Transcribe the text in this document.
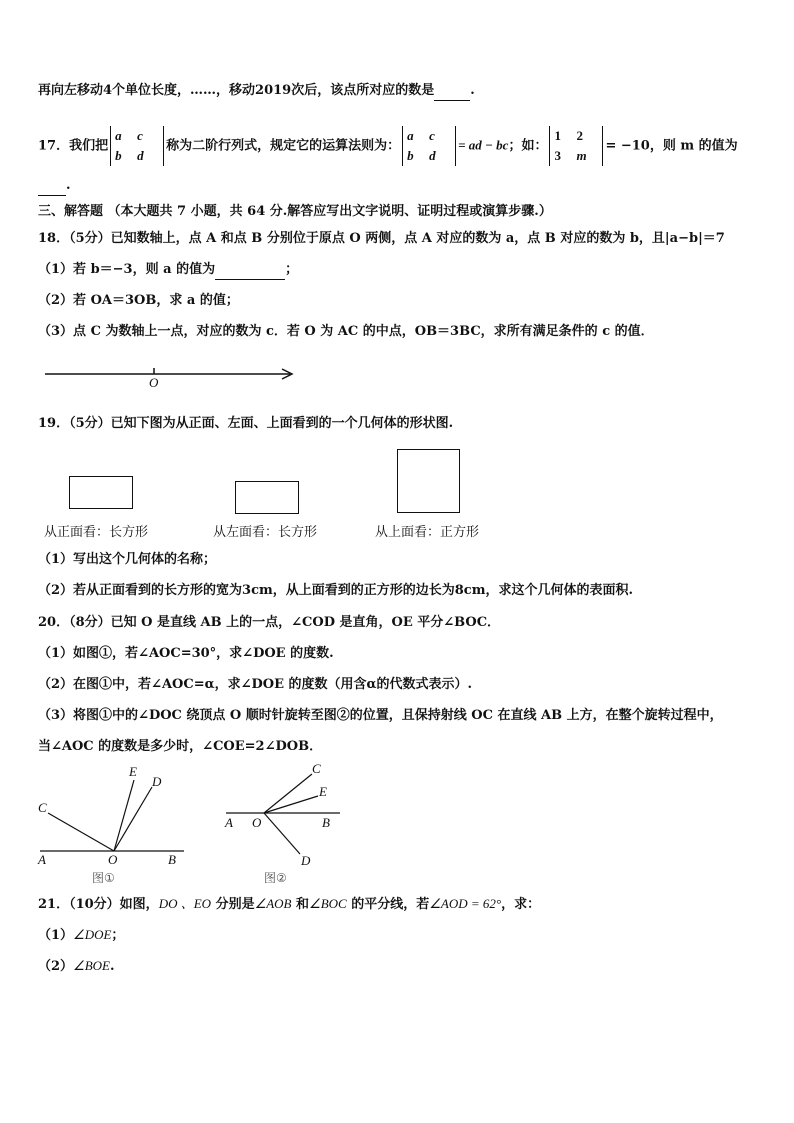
再向左移动4个单位长度，……，移动2019次后，该点所对应的数是	.
17．我们把a c
b d称为二阶行列式，规定它的运算法则为：a c
b d= ad − bc；如：1 2
3 m= −10，则 m 的值为
.
三、解答题 （本大题共 7 小题，共 64 分.解答应写出文字说明、证明过程或演算步骤.）
18．（5分）已知数轴上，点 A 和点 B 分别位于原点 O 两侧，点 A 对应的数为 a，点 B 对应的数为 b，且|a−b|＝7
（1）若 b＝−3，则 a 的值为	；
（2）若 OA＝3OB，求 a 的值；
（3）点 C 为数轴上一点，对应的数为 c．若 O 为 AC 的中点，OB＝3BC，求所有满足条件的 c 的值．
O
19．（5分）已知下图为从正面、左面、上面看到的一个几何体的形状图.
从正面看：长方形	从左面看：长方形	从上面看：正方形
（1）写出这个几何体的名称；
（2）若从正面看到的长方形的宽为3cm，从上面看到的正方形的边长为8cm，求这个几何体的表面积.
20．（8分）已知 O 是直线 AB 上的一点，∠COD 是直角，OE 平分∠BOC．
（1）如图①，若∠AOC=30°，求∠DOE 的度数.
（2）在图①中，若∠AOC=α，求∠DOE 的度数（用含α的代数式表示）.
（3）将图①中的∠DOC 绕顶点 O 顺时针旋转至图②的位置，且保持射线 OC 在直线 AB 上方，在整个旋转过程中，
当∠AOC 的度数是多少时，∠COE=2∠DOB．
C
E
D
A	O	B
图①
C
E
A O	B
D
图②
21．（10分）如图，DO 、EO 分别是∠AOB 和∠BOC 的平分线，若∠AOD = 62°，求：
（1）∠DOE；
（2）∠BOE.
